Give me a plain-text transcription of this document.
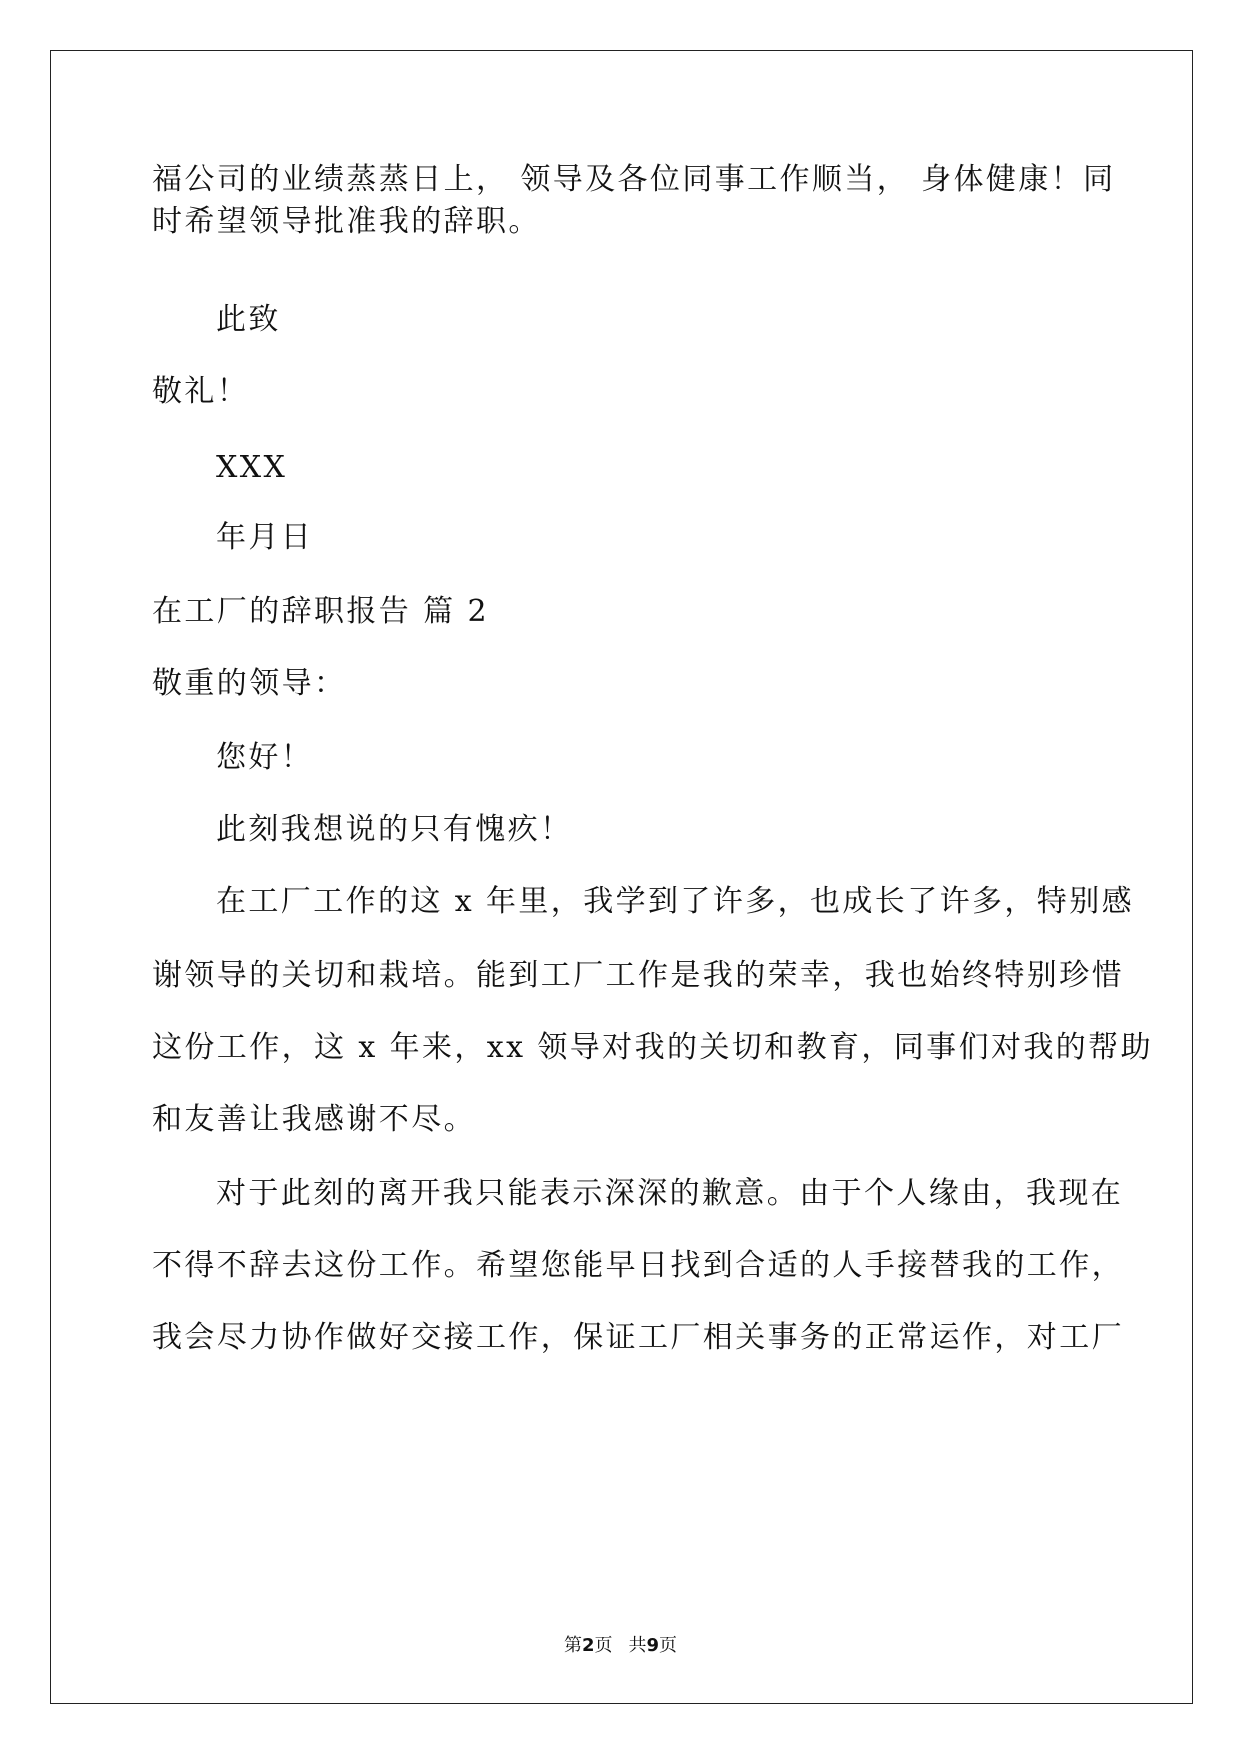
福公司的业绩蒸蒸日上， 领导及各位同事工作顺当， 身体健康！同
时希望领导批准我的辞职。
此致
敬礼！
XXX
年月日
在工厂的辞职报告 篇 2
敬重的领导：
您好！
此刻我想说的只有愧疚！
在工厂工作的这 x 年里，我学到了许多，也成长了许多，特别感
谢领导的关切和栽培。能到工厂工作是我的荣幸，我也始终特别珍惜
这份工作，这 x 年来，xx 领导对我的关切和教育，同事们对我的帮助
和友善让我感谢不尽。
对于此刻的离开我只能表示深深的歉意。由于个人缘由，我现在
不得不辞去这份工作。希望您能早日找到合适的人手接替我的工作，
我会尽力协作做好交接工作，保证工厂相关事务的正常运作，对工厂
第2页 共9页
